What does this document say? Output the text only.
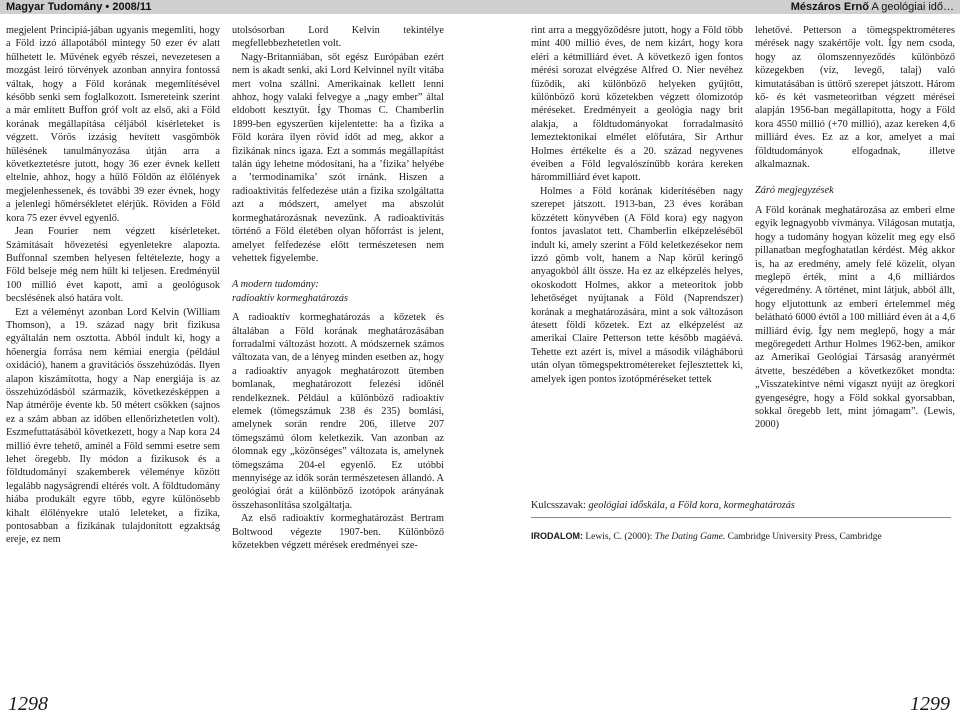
Magyar Tudomány • 2008/11	Mészáros Ernő A geológiai idő…

megjelent Principiá-jában ugyanis megemlíti, hogy a Föld izzó állapotából mintegy 50 ezer év alatt hűlhetett le. Művének egyéb részei, nevezetesen a mozgást leíró törvények azonban annyira fontossá váltak, hogy a Föld korának megemlítésével később senki sem foglalkozott. Ismereteink szerint a már említett Buffon gróf volt az első, aki a Föld korának megállapítása céljából kísérleteket is végzett. Vörös izzásig hevített vasgömbök hűlésének tanulmányozása útján arra a következtetésre jutott, hogy 36 ezer évnek kellett eltelnie, ahhoz, hogy a hűlő Földön az élőlények megjelenhessenek, és további 39 ezer évnek, hogy a jelenlegi hőmérsékletet elérjük. Röviden a Föld kora 75 ezer évvel egyenlő.

Jean Fourier nem végzett kísérleteket. Számításait hővezetési egyenletekre alapozta. Buffonnal szemben helyesen feltételezte, hogy a Föld belseje még nem hűlt ki teljesen. Eredményül 100 millió évet kapott, ami a geológusok becslésének alsó határa volt.

Ezt a véleményt azonban Lord Kelvin (William Thomson), a 19. század nagy brit fizikusa egyáltalán nem osztotta. Abból indult ki, hogy a hőenergia forrása nem kémiai energia (például oxidáció), hanem a gravitációs összehúzódás. Ilyen alapon kiszámította, hogy a Nap energiája is az összehúzódásból származik, következésképpen a Nap átmérője évente kb. 50 métert csökken (sajnos ez a szám abban az időben ellenőrizhetetlen volt). Eszmefuttatásából következett, hogy a Nap kora 24 millió évre tehető, aminél a Föld semmi esetre sem lehet öregebb. Ily módon a fizikusok és a földtudományi szakemberek véleménye között legalább nagyságrendi eltérés volt. A földtudomány hiába produkált egyre több, egyre különösebb kihalt élőlényekre utaló leleteket, a fizika, pontosabban a fizikának tulajdonított egzaktság ereje, ez nem

utolsósorban Lord Kelvin tekintélye megfellebbezhetetlen volt.

Nagy-Britanniában, sőt egész Európában ezért nem is akadt senki, aki Lord Kelvinnel nyílt vitába mert volna szállni. Amerikainak kellett lenni ahhoz, hogy valaki felvegye a „nagy ember” által eldobott kesztyűt. Így Thomas C. Chamberlin 1899-ben egyszerűen kijelentette: ha a fizika a Föld korára ilyen rövid időt ad meg, akkor a fizikának nincs igaza. Ezt a sommás megállapítást talán úgy lehetne módosítani, ha a ’fizika’ helyébe a ’termodinamika’ szót írnánk. Hiszen a radioaktivitás felfedezése után a fizika szolgáltatta azt a módszert, amelyet ma abszolút kormeghatározásnak nevezünk. A radioaktivitás történő a Föld életében olyan hőforrást is jelent, amelyet felfedezése előtt természetesen nem vehettek figyelembe.

A modern tudomány:
radioaktív kormeghatározás

A radioaktív kormeghatározás a kőzetek és általában a Föld korának meghatározásában forradalmi változást hozott. A módszernek számos változata van, de a lényeg minden esetben az, hogy a radioaktív anyagok meghatározott ütemben bomlanak, meghatározott felezési időnél rendelkeznek. Például a különböző radioaktív elemek (tömegszámuk 238 és 235) bomlási, amelynek során rendre 206, illetve 207 tömegszámú ólom keletkezik. Van azonban az ólomnak egy „közönséges” változata is, amelynek tömegszáma 204-el egyenlő. Ez utóbbi mennyisége az idők során természetesen állandó. A geológiai órát a különböző izotópok arányának összehasonlítása szolgáltatja.

Az első radioaktív kormeghatározást Bertram Boltwood végezte 1907-ben. Különböző kőzetekben végzett mérések eredményei sze-

rint arra a meggyőződésre jutott, hogy a Föld több mint 400 millió éves, de nem kizárt, hogy kora eléri a kétmilliárd évet. A következő igen fontos mérési sorozat elvégzése Alfred O. Nier nevéhez fűződik, aki különböző helyeken gyűjtött, különböző korú kőzetekben végzett ólomizotóp méréseket. Eredményeit a geológia nagy brit alakja, a földtudományokat forradalmasító lemeztektonikai elmélet előfutára, Sir Arthur Holmes értékelte és a 20. század negyvenes éveiben a Föld legvalószínűbb korára kereken hárommilliárd évet kapott.

Holmes a Föld korának kiderítésében nagy szerepet játszott. 1913-ban, 23 éves korában közzétett könyvében (A Föld kora) egy nagyon fontos javaslatot tett. Chamberlin elképzeléséből indult ki, amely szerint a Föld keletkezésekor nem izzó gömb volt, hanem a Nap körül keringő anyagokból állt össze. Ha ez az elképzelés helyes, okoskodott Holmes, akkor a meteoritok jobb lehetőséget nyújtanak a Föld (Naprendszer) korának a meghatározására, mint a sok változáson átesett földi kőzetek. Ezt az elképzelést az amerikai Claire Petterson tette később magáévá. Tehette ezt azért is, mivel a második világháború után olyan tömegspektrométereket fejlesztettek ki, amelyek igen pontos izotópméréseket tettek

lehetővé. Petterson a tömegspektrométeres mérések nagy szakértője volt. Így nem csoda, hogy az ólomszennyeződés különböző közegekben (víz, levegő, talaj) való kimutatásában is úttörő szerepet játszott. Három kő- és két vasmeteoritban végzett mérései alapján 1956-ban megállapította, hogy a Föld kora 4550 millió (+70 millió), azaz kereken 4,6 milliárd éves. Ez az a kor, amelyet a mai földtudományok elfogadnak, illetve alkalmaznak.

Záró megjegyzések

A Föld korának meghatározása az emberi elme egyik legnagyobb vívmánya. Világosan mutatja, hogy a tudomány hogyan közelít meg egy első pillanatban megfoghatatlan kérdést. Még akkor is, ha az eredmény, amely felé közelít, olyan meglepő érték, mint a 4,6 milliárdos végeredmény. A történet, mint látjuk, abból állt, hogy eljutottunk az emberi értelemmel még belátható 6000 évtől a 100 milliárd éven át a 4,6 milliárd évig. Így nem meglepő, hogy a már megöregedett Arthur Holmes 1962-ben, amikor az Amerikai Geológiai Társaság aranyérmét átvette, beszédében a következőket mondta: „Visszatekintve némi vigaszt nyújt az öregkori gyengeségre, hogy a Föld sokkal gyorsabban, sokkal öregebb lett, mint jómagam”. (Lewis, 2000)

Kulcsszavak: geológiai időskála, a Föld kora, kormeghatározás
IRODALOM: Lewis, C. (2000): The Dating Game. Cambridge University Press, Cambridge
1298	1299
